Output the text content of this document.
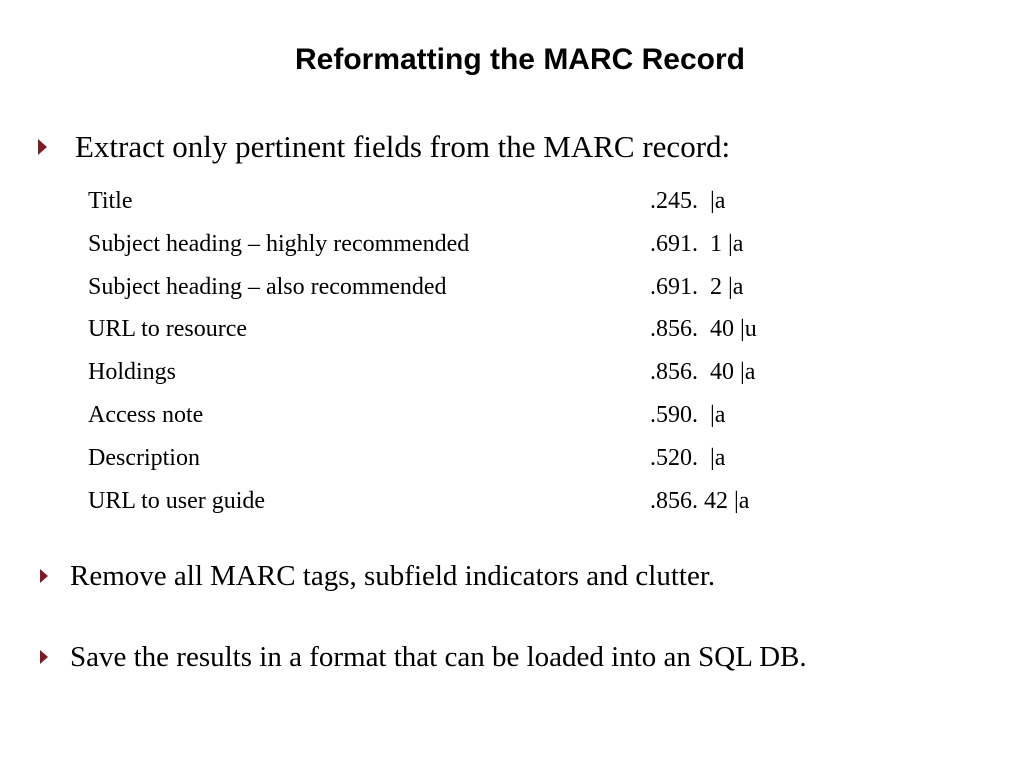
Reformatting the MARC Record
Extract only pertinent fields from the MARC record:
Title	.245.  |a
Subject heading – highly recommended	.691.  1 |a
Subject heading – also recommended	.691.  2 |a
URL to resource	.856.  40 |u
Holdings	.856.  40 |a
Access note	.590.  |a
Description	.520.  |a
URL to user guide	.856. 42 |a
Remove all MARC tags, subfield indicators and clutter.
Save the results in a format that can be loaded into an SQL DB.
